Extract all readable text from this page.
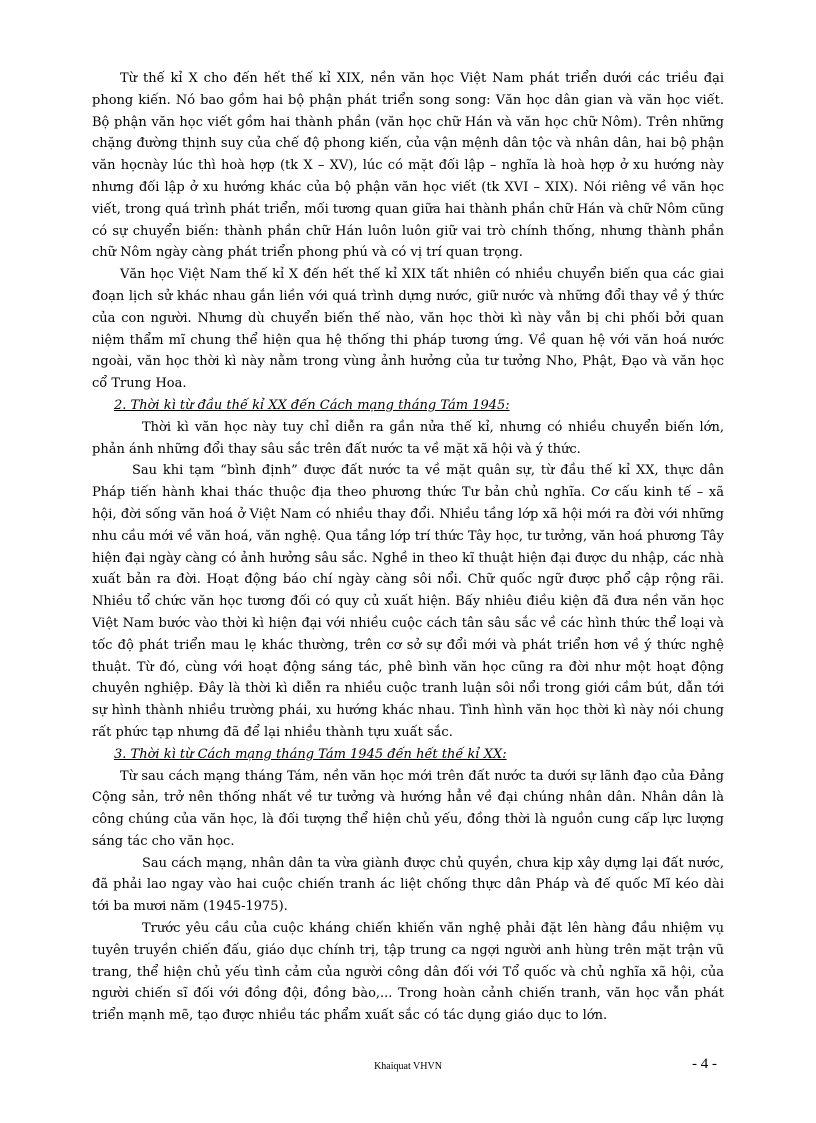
Từ thế kỉ X cho đến hết thế kỉ XIX, nền văn học Việt Nam phát triển dưới các triều đại phong kiến. Nó bao gồm hai bộ phận phát triển song song: Văn học dân gian và văn học viết. Bộ phận văn học viết gồm hai thành phần (văn học chữ Hán và văn học chữ Nôm). Trên những chặng đường thịnh suy của chế độ phong kiến, của vận mệnh dân tộc và nhân dân, hai bộ phận văn họcnày lúc thì hoà hợp (tk X – XV), lúc có mặt đối lập – nghĩa là hoà hợp ở xu hướng này nhưng đối lập ở xu hướng khác của bộ phận văn học viết (tk XVI – XIX). Nói riêng về văn học viết, trong quá trình phát triển, mối tương quan giữa hai thành phần chữ Hán và chữ Nôm cũng có sự chuyển biến: thành phần chữ Hán luôn luôn giữ vai trò chính thống, nhưng thành phần chữ Nôm ngày càng phát triển phong phú và có vị trí quan trọng.

Văn học Việt Nam thế kỉ X đến hết thế kỉ XIX tất nhiên có nhiều chuyển biến qua các giai đoạn lịch sử khác nhau gắn liền với quá trình dựng nước, giữ nước và những đổi thay về ý thức của con người. Nhưng dù chuyển biến thế nào, văn học thời kì này vẫn bị chi phối bởi quan niệm thẩm mĩ chung thể hiện qua hệ thống thi pháp tương ứng. Về quan hệ với văn hoá nước ngoài, văn học thời kì này nằm trong vùng ảnh hưởng của tư tưởng Nho, Phật, Đạo và văn học cổ Trung Hoa.

2. Thời kì từ đầu thế kỉ XX đến Cách mạng tháng Tám 1945:

Thời kì văn học này tuy chỉ diễn ra gần nửa thế kỉ, nhưng có nhiều chuyển biến lớn, phản ánh những đổi thay sâu sắc trên đất nước ta về mặt xã hội và ý thức.

Sau khi tạm “bình định” được đất nước ta về mặt quân sự, từ đầu thế kỉ XX, thực dân Pháp tiến hành khai thác thuộc địa theo phương thức Tư bản chủ nghĩa. Cơ cấu kinh tế – xã hội, đời sống văn hoá ở Việt Nam có nhiều thay đổi. Nhiều tầng lớp xã hội mới ra đời với những nhu cầu mới về văn hoá, văn nghệ. Qua tầng lớp trí thức Tây học, tư tưởng, văn hoá phương Tây hiện đại ngày càng có ảnh hưởng sâu sắc. Nghề in theo kĩ thuật hiện đại được du nhập, các nhà xuất bản ra đời. Hoạt động báo chí ngày càng sôi nổi. Chữ quốc ngữ được phổ cập rộng rãi. Nhiều tổ chức văn học tương đối có quy củ xuất hiện. Bấy nhiêu điều kiện đã đưa nền văn học Việt Nam bước vào thời kì hiện đại với nhiều cuộc cách tân sâu sắc về các hình thức thể loại và tốc độ phát triển mau lẹ khác thường, trên cơ sở sự đổi mới và phát triển hơn về ý thức nghệ thuật. Từ đó, cùng với hoạt động sáng tác, phê bình văn học cũng ra đời như một hoạt động chuyên nghiệp. Đây là thời kì diễn ra nhiều cuộc tranh luận sôi nổi trong giới cầm bút, dẫn tới sự hình thành nhiều trường phái, xu hướng khác nhau. Tình hình văn học thời kì này nói chung rất phức tạp nhưng đã để lại nhiều thành tựu xuất sắc.

3. Thời kì từ Cách mạng tháng Tám 1945 đến hết thế kỉ XX:

Từ sau cách mạng tháng Tám, nền văn học mới trên đất nước ta dưới sự lãnh đạo của Đảng Cộng sản, trở nên thống nhất về tư tưởng và hướng hẳn về đại chúng nhân dân. Nhân dân là công chúng của văn học, là đối tượng thể hiện chủ yếu, đồng thời là nguồn cung cấp lực lượng sáng tác cho văn học.

Sau cách mạng, nhân dân ta vừa giành được chủ quyền, chưa kịp xây dựng lại đất nước, đã phải lao ngay vào hai cuộc chiến tranh ác liệt chống thực dân Pháp và đế quốc Mĩ kéo dài tới ba mươi năm (1945-1975).

Trước yêu cầu của cuộc kháng chiến khiến văn nghệ phải đặt lên hàng đầu nhiệm vụ tuyên truyền chiến đấu, giáo dục chính trị, tập trung ca ngợi người anh hùng trên mặt trận vũ trang, thể hiện chủ yếu tình cảm của người công dân đối với Tổ quốc và chủ nghĩa xã hội, của người chiến sĩ đối với đồng đội, đồng bào,... Trong hoàn cảnh chiến tranh, văn học vẫn phát triển mạnh mẽ, tạo được nhiều tác phẩm xuất sắc có tác dụng giáo dục to lớn.

Khaiquat VHVN	- 4 -
